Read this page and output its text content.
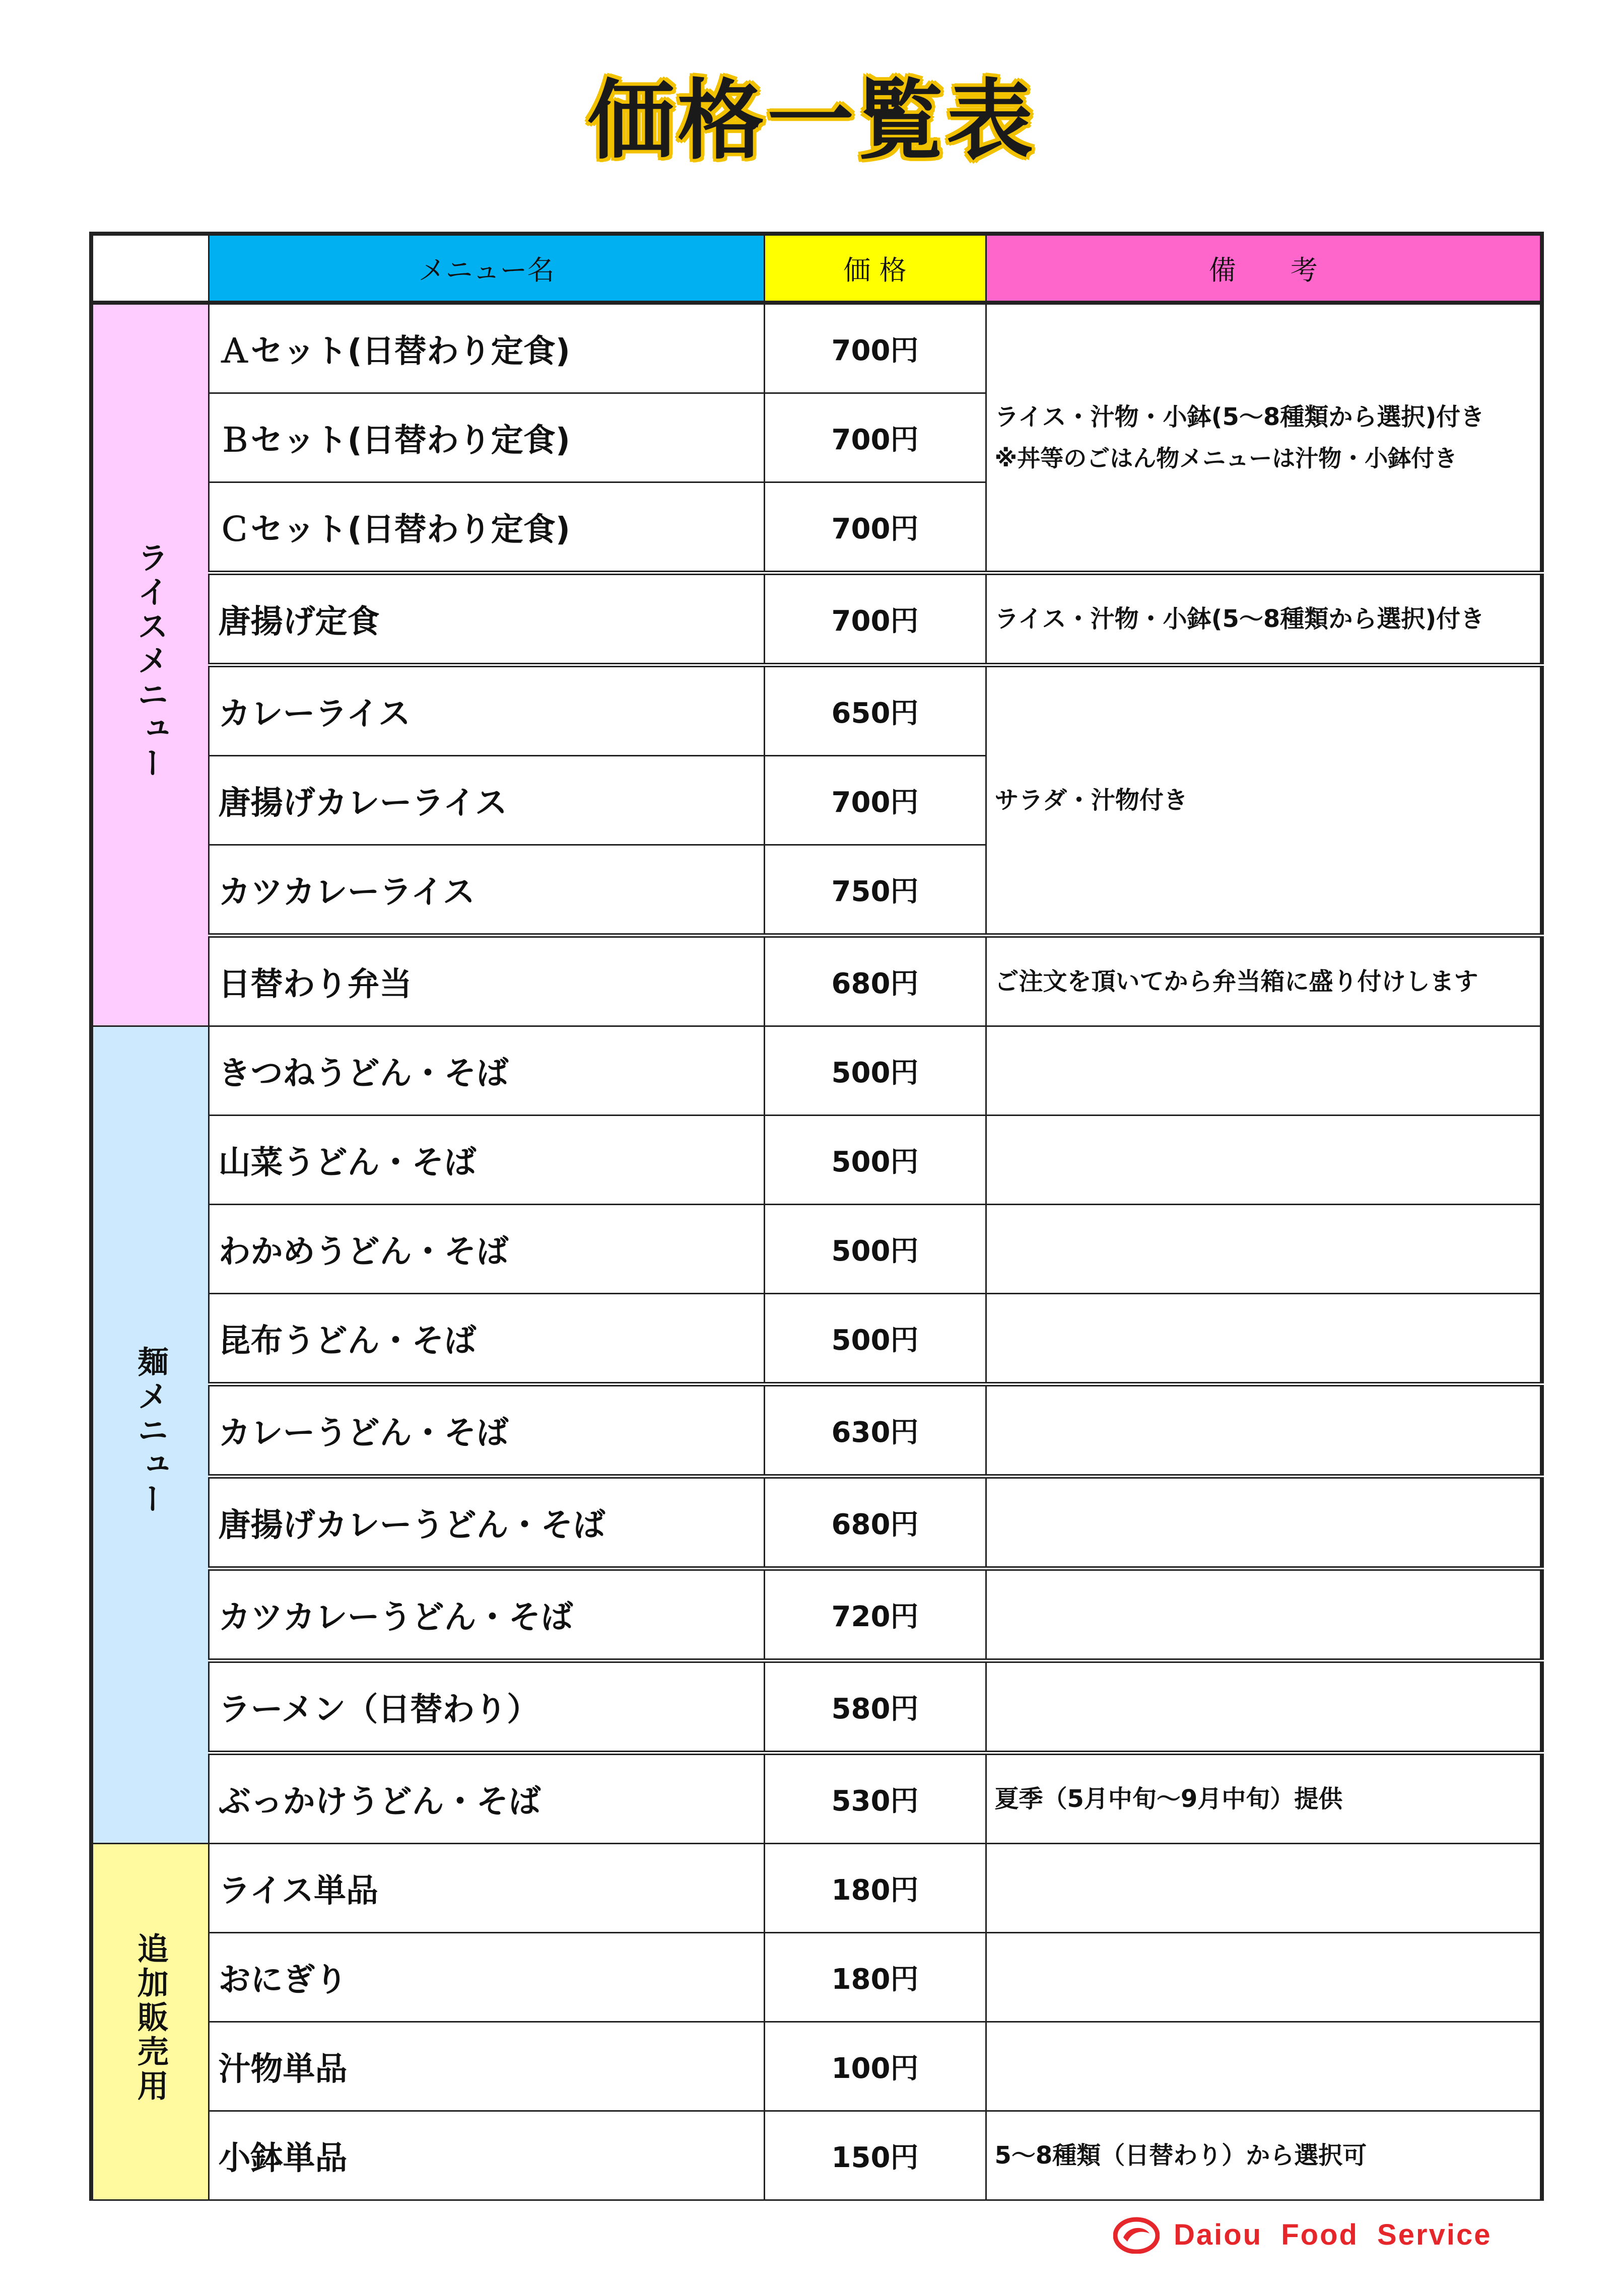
価格一覧表
	メニュー名	価 格	備　　考
ライスメニュー	Ａセット(日替わり定食)	700円	ライス・汁物・小鉢(5～8種類から選択)付き
※丼等のごはん物メニューは汁物・小鉢付き

	Ｂセット(日替わり定食)	700円	
	Ｃセット(日替わり定食)	700円	
	唐揚げ定食	700円	ライス・汁物・小鉢(5～8種類から選択)付き

	カレーライス	650円	サラダ・汁物付き

	唐揚げカレーライス	700円	
	カツカレーライス	750円	
	日替わり弁当	680円	ご注文を頂いてから弁当箱に盛り付けします

麺メニュー	きつねうどん・そば	500円	
	山菜うどん・そば	500円	
	わかめうどん・そば	500円	
	昆布うどん・そば	500円	
	カレーうどん・そば	630円	
	唐揚げカレーうどん・そば	680円	
	カツカレーうどん・そば	720円	
	ラーメン（日替わり）	580円	
	ぶっかけうどん・そば	530円	夏季（5月中旬～9月中旬）提供

追加販売用	ライス単品	180円	
	おにぎり	180円	
	汁物単品	100円	
	小鉢単品	150円	5～8種類（日替わり）から選択可
Daiou Food Service
